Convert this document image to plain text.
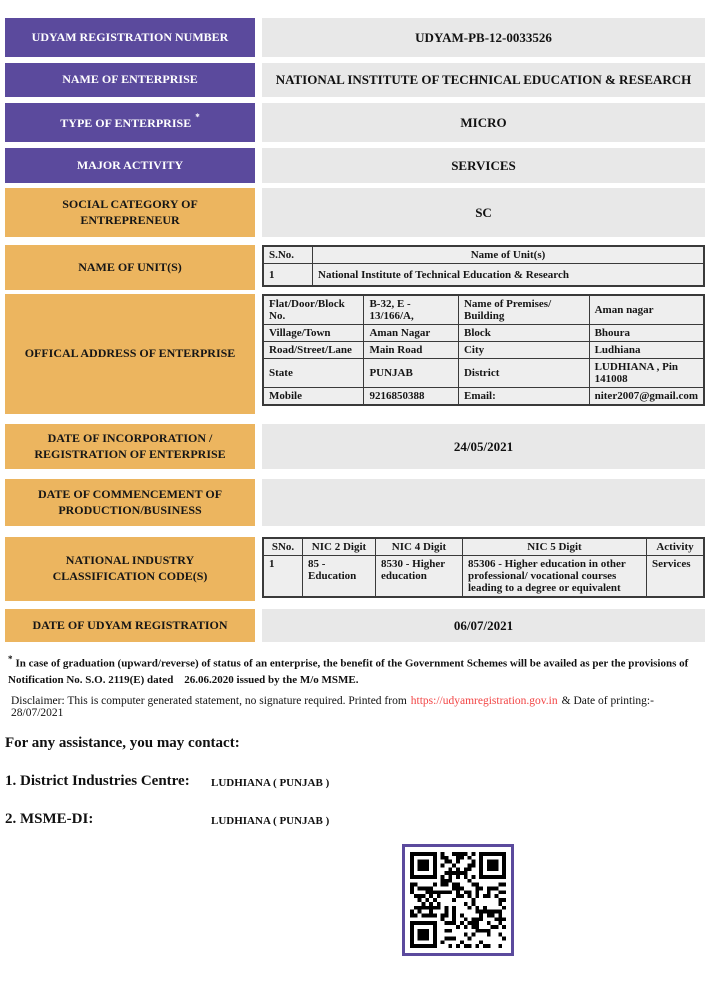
UDYAM REGISTRATION NUMBER	UDYAM-PB-12-0033526
NAME OF ENTERPRISE	NATIONAL INSTITUTE OF TECHNICAL EDUCATION & RESEARCH
TYPE OF ENTERPRISE *	MICRO
MAJOR ACTIVITY	SERVICES
SOCIAL CATEGORY OF ENTREPRENEUR	SC
NAME OF UNIT(S)
S.No.	Name of Unit(s)
1	National Institute of Technical Education & Research
OFFICAL ADDRESS OF ENTERPRISE
Flat/Door/Block No.	B-32, E - 13/166/A,	Name of Premises/ Building	Aman nagar
Village/Town	Aman Nagar	Block	Bhoura
Road/Street/Lane	Main Road	City	Ludhiana
State	PUNJAB	District	LUDHIANA , Pin 141008
Mobile	9216850388	Email:	niter2007@gmail.com
DATE OF INCORPORATION / REGISTRATION OF ENTERPRISE	24/05/2021
DATE OF COMMENCEMENT OF PRODUCTION/BUSINESS
NATIONAL INDUSTRY CLASSIFICATION CODE(S)
SNo.	NIC 2 Digit	NIC 4 Digit	NIC 5 Digit	Activity
1	85 - Education	8530 - Higher education	85306 - Higher education in other professional/ vocational courses leading to a degree or equivalent	Services
DATE OF UDYAM REGISTRATION	06/07/2021
* In case of graduation (upward/reverse) of status of an enterprise, the benefit of the Government Schemes will be availed as per the provisions of Notification No. S.O. 2119(E) dated    26.06.2020 issued by the M/o MSME.
Disclaimer: This is computer generated statement, no signature required. Printed from https://udyamregistration.gov.in & Date of printing:- 28/07/2021
For any assistance, you may contact:
1. District Industries Centre:	LUDHIANA ( PUNJAB )
2. MSME-DI:	LUDHIANA ( PUNJAB )
